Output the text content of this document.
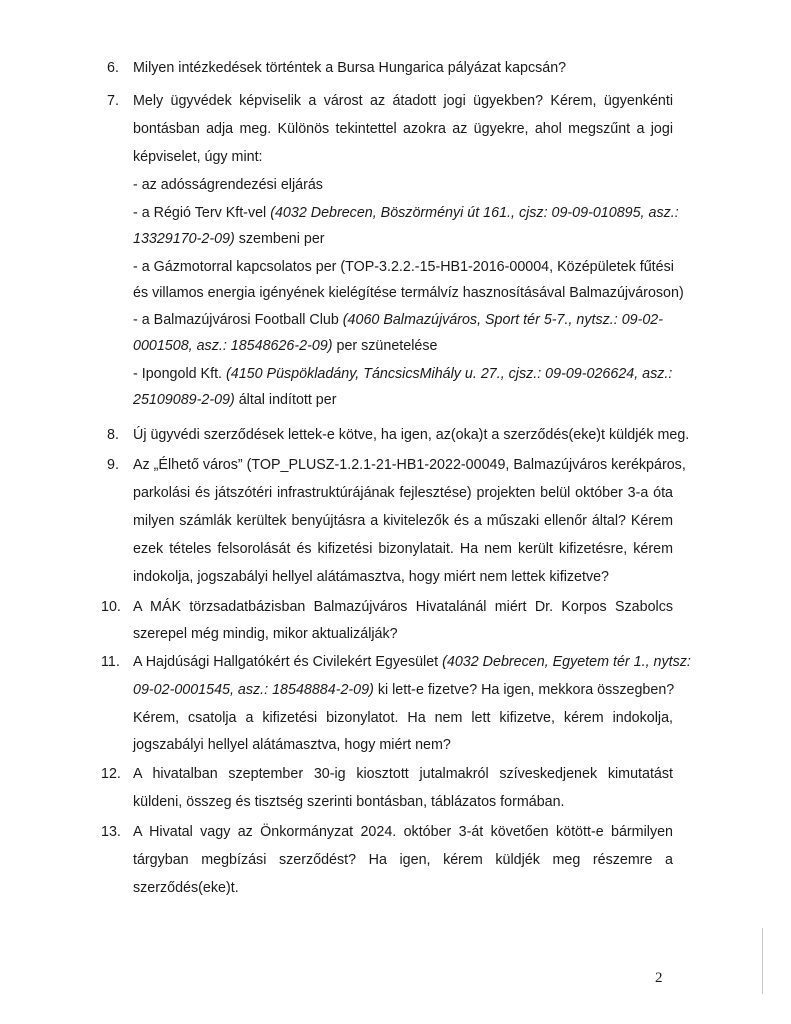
6. Milyen intézkedések történtek a Bursa Hungarica pályázat kapcsán?
7. Mely ügyvédek képviselik a várost az átadott jogi ügyekben? Kérem, ügyenkénti
bontásban adja meg. Különös tekintettel azokra az ügyekre, ahol megszűnt a jogi
képviselet, úgy mint:
- az adósságrendezési eljárás
- a Régió Terv Kft-vel (4032 Debrecen, Böszörményi út 161., cjsz: 09-09-010895, asz.:
13329170-2-09) szembeni per
- a Gázmotorral kapcsolatos per (TOP-3.2.2.-15-HB1-2016-00004, Középületek fűtési
és villamos energia igényének kielégítése termálvíz hasznosításával Balmazújvároson)
- a Balmazújvárosi Football Club (4060 Balmazújváros, Sport tér 5-7., nytsz.: 09-02-
0001508, asz.: 18548626-2-09) per szünetelése
- Ipongold Kft. (4150 Püspökladány, TáncsicsMihály u. 27., cjsz.: 09-09-026624, asz.:
25109089-2-09) által indított per
8. Új ügyvédi szerződések lettek-e kötve, ha igen, az(oka)t a szerződés(eke)t küldjék meg.
9. Az „Élhető város” (TOP_PLUSZ-1.2.1-21-HB1-2022-00049, Balmazújváros kerékpáros,
parkolási és játszótéri infrastruktúrájának fejlesztése) projekten belül október 3-a óta
milyen számlák kerültek benyújtásra a kivitelezők és a műszaki ellenőr által? Kérem
ezek tételes felsorolását és kifizetési bizonylatait. Ha nem került kifizetésre, kérem
indokolja, jogszabályi hellyel alátámasztva, hogy miért nem lettek kifizetve?
10. A MÁK törzsadatbázisban Balmazújváros Hivatalánál miért Dr. Korpos Szabolcs
szerepel még mindig, mikor aktualizálják?
11. A Hajdúsági Hallgatókért és Civilekért Egyesület (4032 Debrecen, Egyetem tér 1., nytsz:
09-02-0001545, asz.: 18548884-2-09) ki lett-e fizetve? Ha igen, mekkora összegben?
Kérem, csatolja a kifizetési bizonylatot. Ha nem lett kifizetve, kérem indokolja,
jogszabályi hellyel alátámasztva, hogy miért nem?
12. A hivatalban szeptember 30-ig kiosztott jutalmakról szíveskedjenek kimutatást
küldeni, összeg és tisztség szerinti bontásban, táblázatos formában.
13. A Hivatal vagy az Önkormányzat 2024. október 3-át követően kötött-e bármilyen
tárgyban megbízási szerződést? Ha igen, kérem küldjék meg részemre a
szerződés(eke)t.
2
